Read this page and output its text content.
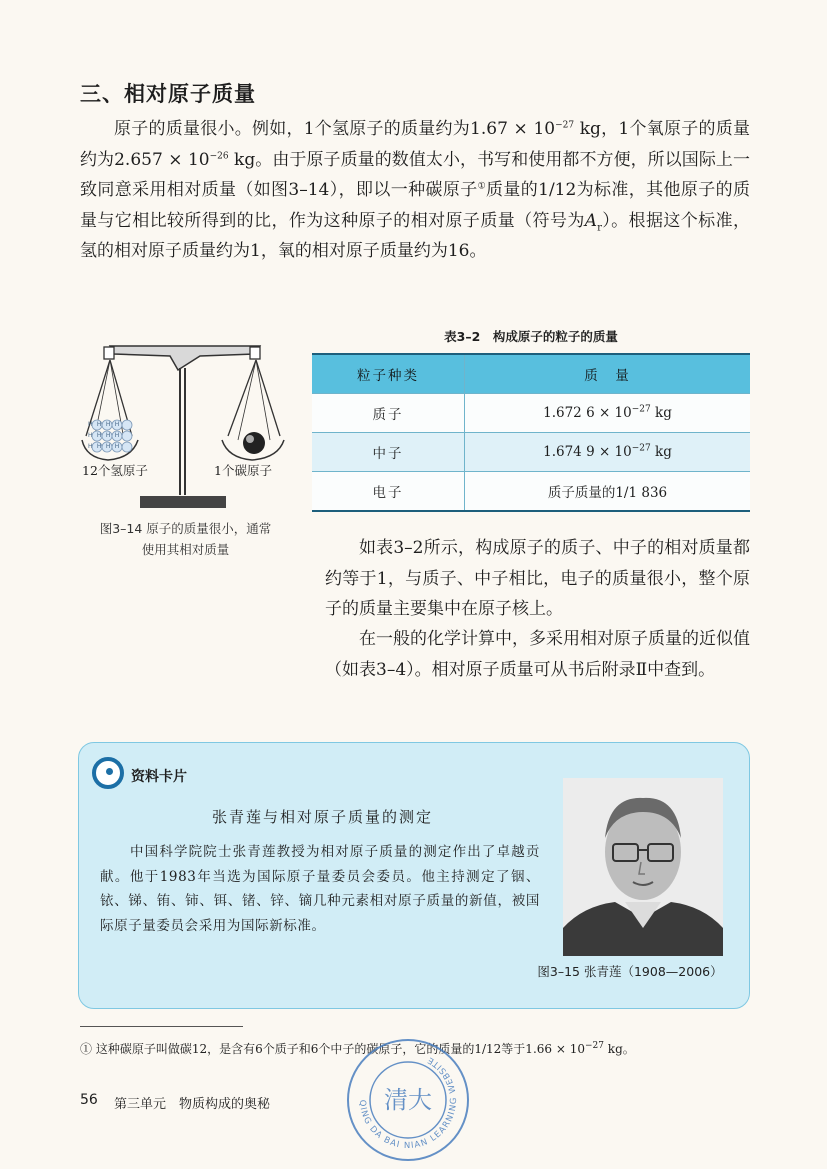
三、相对原子质量
原子的质量很小。例如，1个氢原子的质量约为$1.67 \times 10^{-27}$ kg，1个氧原子的质量约为$2.657 \times 10^{-26}$ kg。由于原子质量的数值太小，书写和使用都不方便，所以国际上一致同意采用相对质量（如图3–14），即以一种碳原子①质量的1/12为标准，其他原子的质量与它相比较所得到的比，作为这种原子的相对原子质量（符号为$A_r$）。根据这个标准，氢的相对原子质量约为1，氧的相对原子质量约为16。
HHHH
HHHH
HHHH
12个氢原子	1个碳原子
图3–14 原子的质量很小，通常
使用其相对质量
表3–2　构成原子的粒子的质量
粒子种类	质　量
质子	1.672 $6 \times 10^{-27}$ kg
中子	1.674 $9 \times 10^{-27}$ kg
电子	质子质量的1/1 836
如表3–2所示，构成原子的质子、中子的相对质量都约等于1，与质子、中子相比，电子的质量很小，整个原子的质量主要集中在原子核上。
在一般的化学计算中，多采用相对原子质量的近似值（如表3–4）。相对原子质量可从书后附录Ⅱ中查到。
资料卡片
张青莲与相对原子质量的测定
中国科学院院士张青莲教授为相对原子质量的测定作出了卓越贡献。他于1983年当选为国际原子量委员会委员。他主持测定了铟、铱、锑、铕、铈、铒、锗、锌、镝几种元素相对原子质量的新值，被国际原子量委员会采用为国际新标准。
图3–15 张青莲（1908—2006）
① 这种碳原子叫做碳12，是含有6个质子和6个中子的碳原子，它的质量的1/12等于$1.66 \times 10^{-27}$ kg。
56 第三单元　物质构成的奥秘	QING DA BAI NIAN LEARNING WEBSITE
清大
